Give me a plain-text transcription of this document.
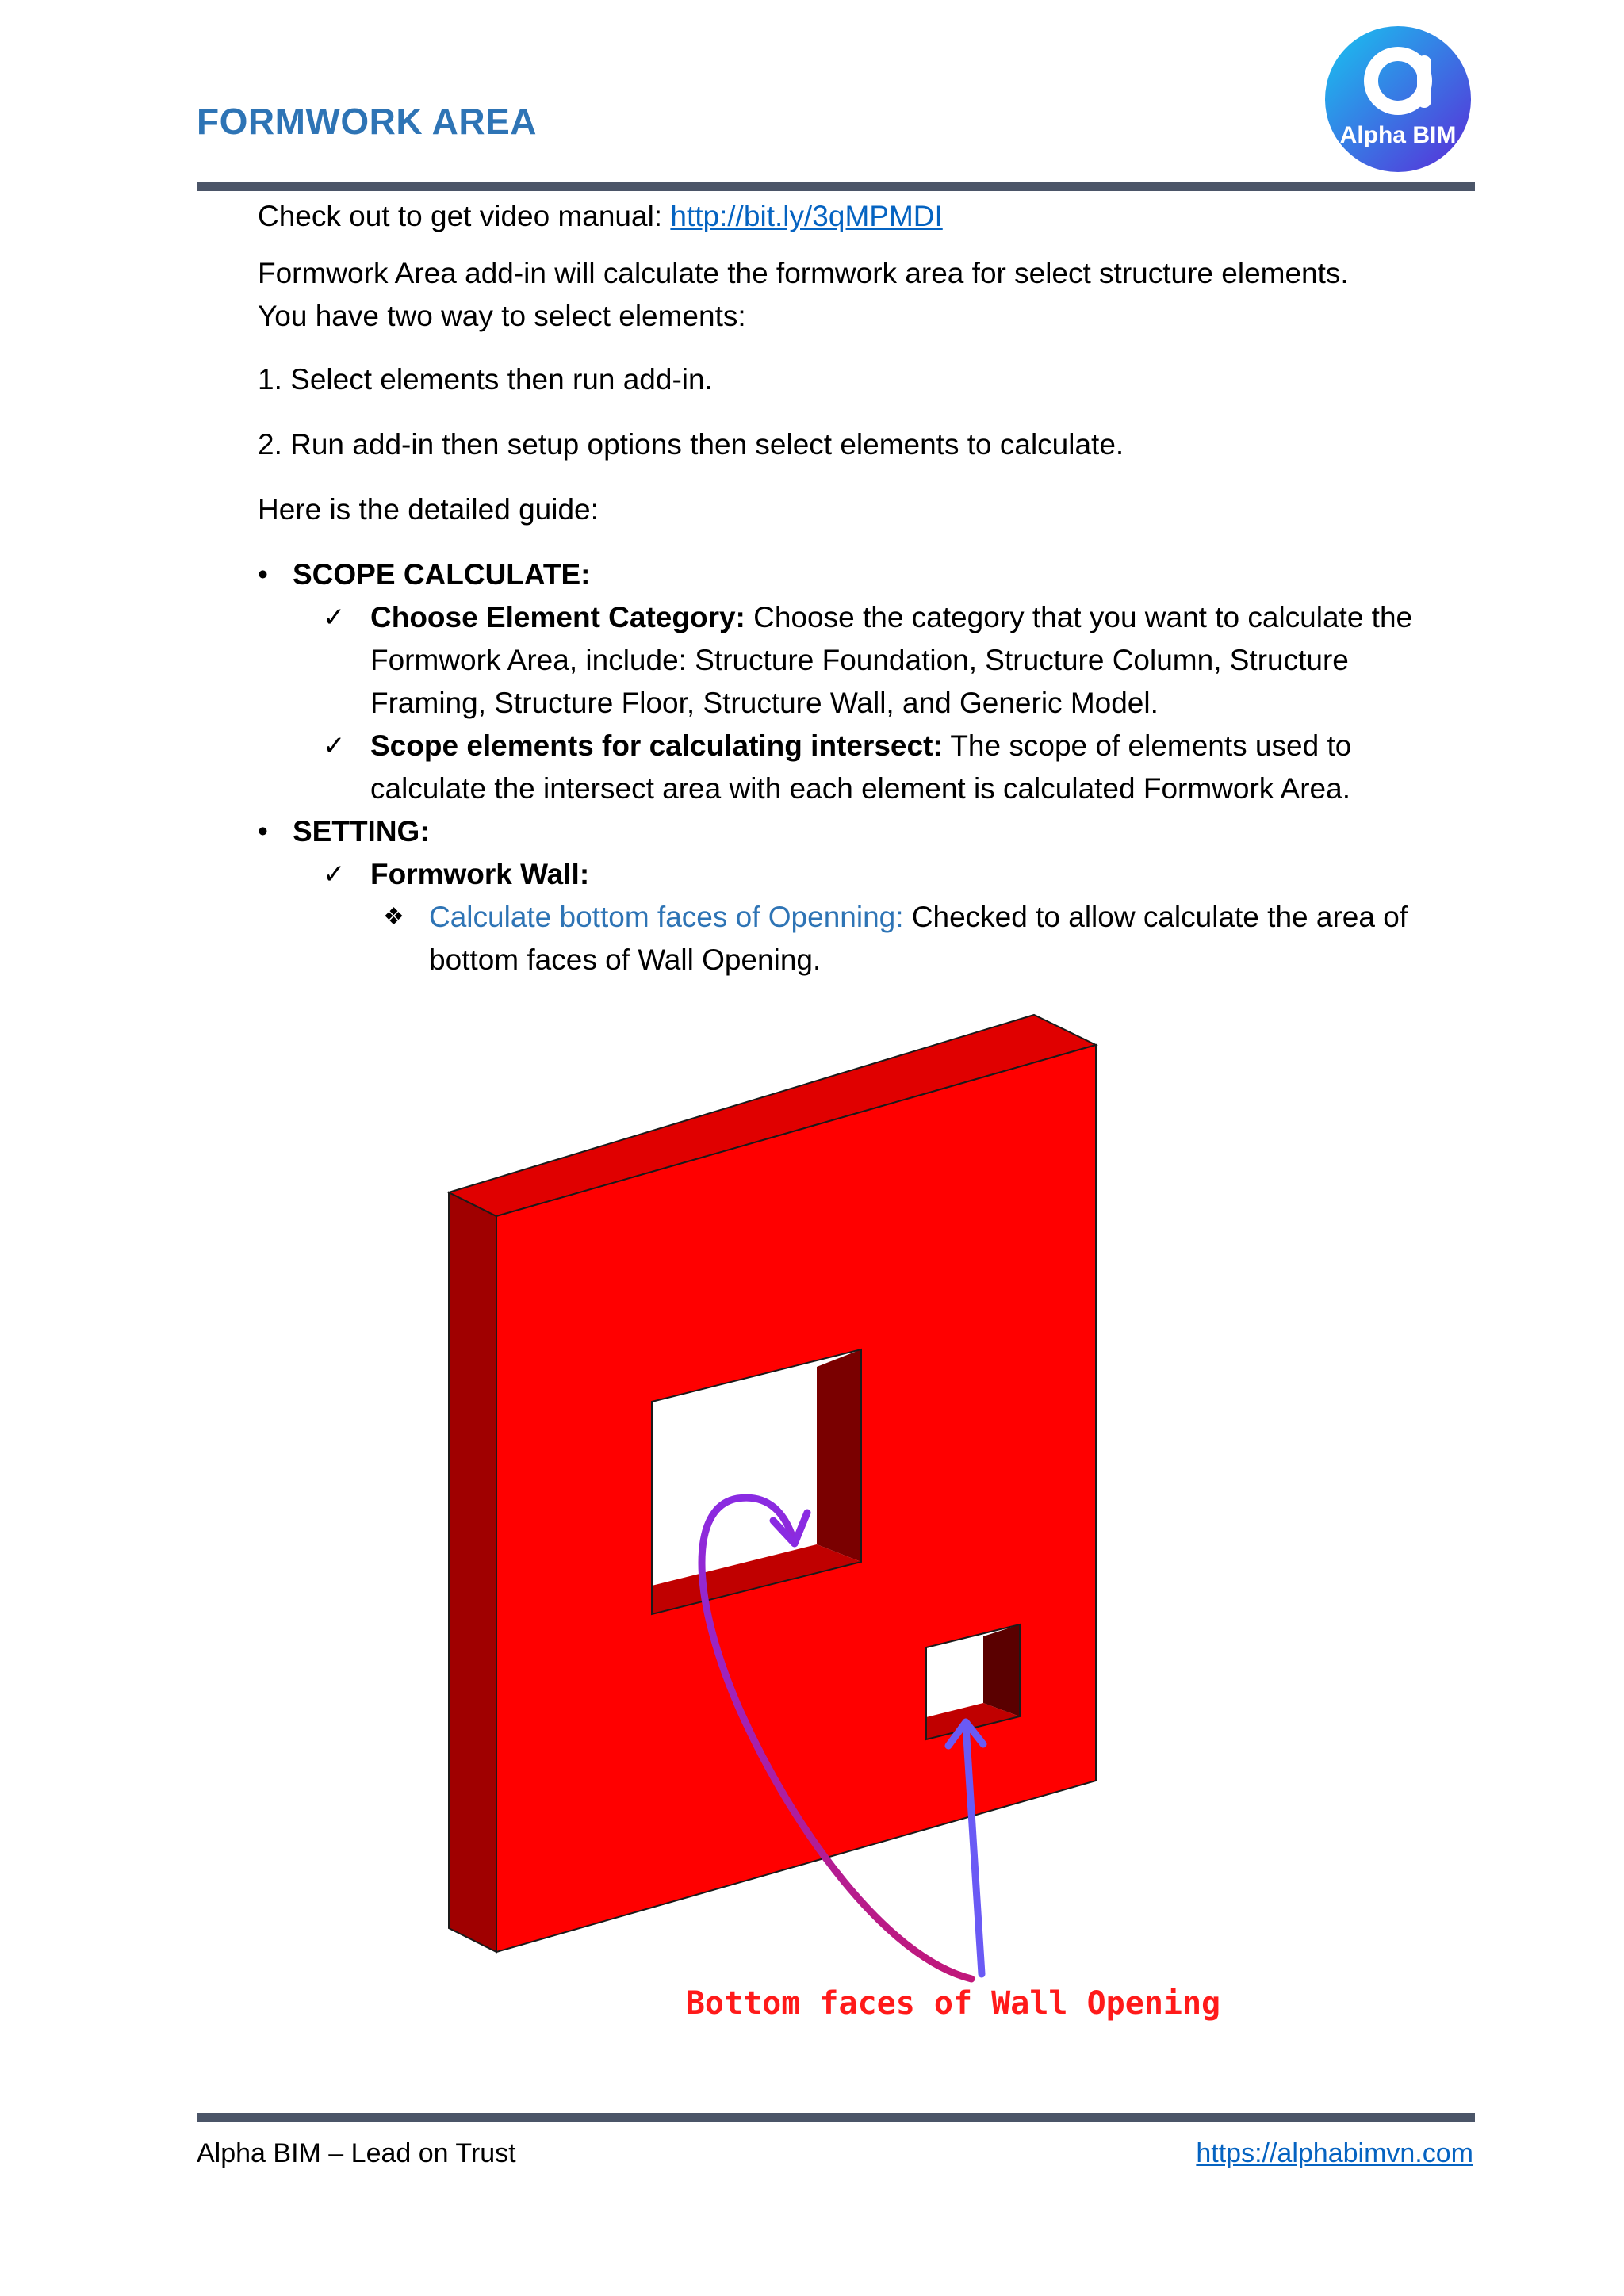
FORMWORK AREA	Alpha BIM

Check out to get video manual: http://bit.ly/3qMPMDI

Formwork Area add-in will calculate the formwork area for select structure elements.
You have two way to select elements:

1. Select elements then run add-in.

2. Run add-in then setup options then select elements to calculate.

Here is the detailed guide:

• SCOPE CALCULATE:
✓ Choose Element Category: Choose the category that you want to calculate the Formwork Area, include: Structure Foundation, Structure Column, Structure Framing, Structure Floor, Structure Wall, and Generic Model.
✓ Scope elements for calculating intersect: The scope of elements used to calculate the intersect area with each element is calculated Formwork Area.
• SETTING:
✓ Formwork Wall:
❖ Calculate bottom faces of Openning: Checked to allow calculate the area of bottom faces of Wall Opening.
Bottom faces of Wall Opening
Alpha BIM – Lead on Trust	https://alphabimvn.com
